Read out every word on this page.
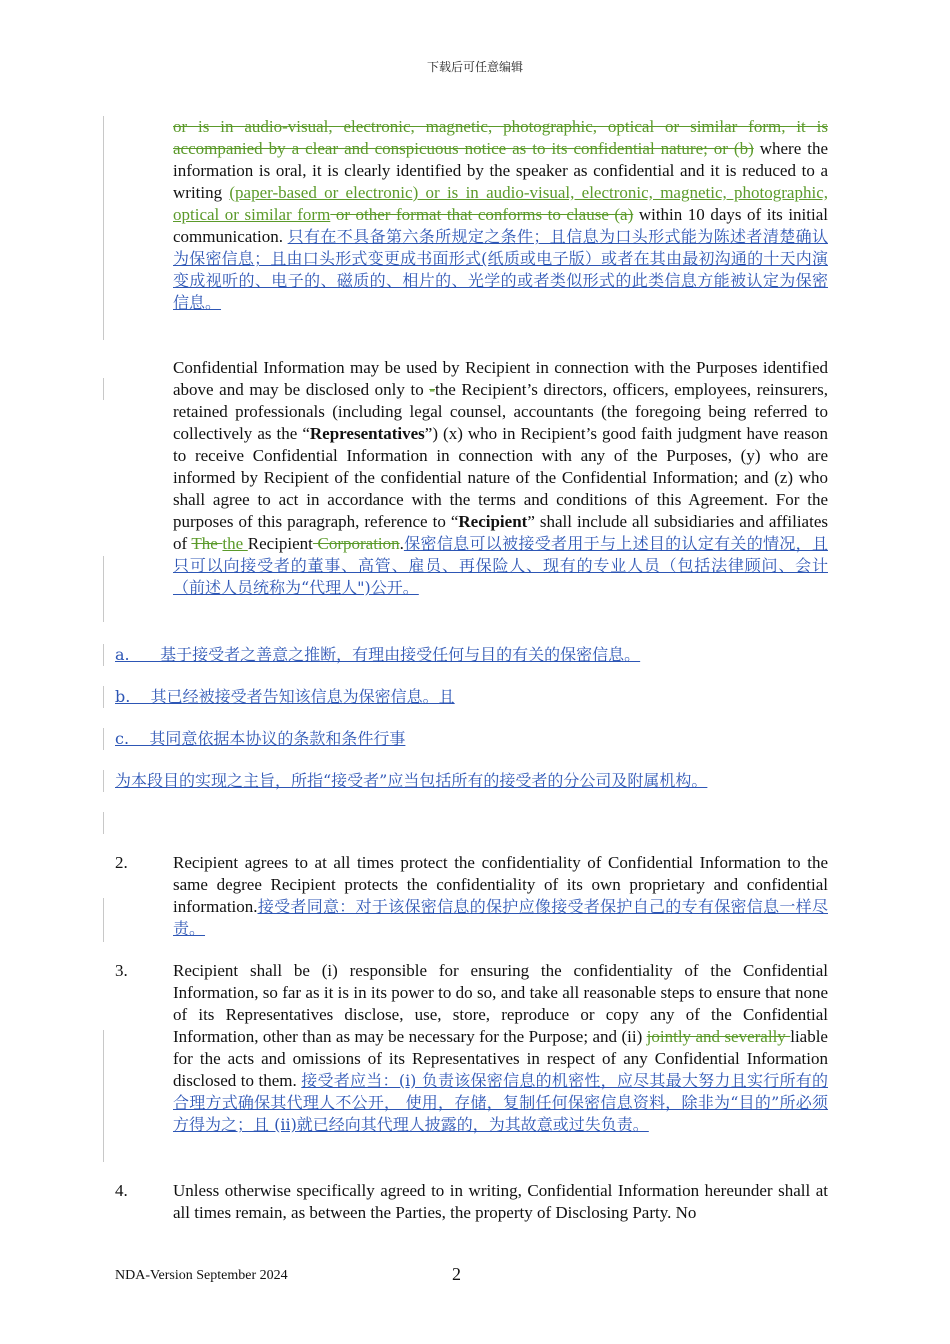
下载后可任意编辑

or is in audio-visual, electronic, magnetic, photographic, optical or similar form, it is accompanied by a clear and conspicuous notice as to its confidential nature; or (b) where the information is oral, it is clearly identified by the speaker as confidential and it is reduced to a writing (paper-based or electronic) or is in audio-visual, electronic, magnetic, photographic, optical or similar form or other format that conforms to clause (a) within 10 days of its initial communication. 只有在不具备第六条所规定之条件；且信息为口头形式能为陈述者清楚确认为保密信息；且由口头形式变更成书面形式(纸质或电子版）或者在其由最初沟通的十天内演变成视听的、电子的、磁质的、相片的、光学的或者类似形式的此类信息方能被认定为保密信息。

Confidential Information may be used by Recipient in connection with the Purposes identified above and may be disclosed only to -the Recipient’s directors, officers, employees, reinsurers, retained professionals (including legal counsel, accountants (the foregoing being referred to collectively as the “Representatives”) (x) who in Recipient’s good faith judgment have reason to receive Confidential Information in connection with any of the Purposes, (y) who are informed by Recipient of the confidential nature of the Confidential Information; and (z) who shall agree to act in accordance with the terms and conditions of this Agreement. For the purposes of this paragraph, reference to “Recipient” shall include all subsidiaries and affiliates of The the Recipient Corporation.保密信息可以被接受者用于与上述目的认定有关的情况，且只可以向接受者的董事、高管、雇员、再保险人、现有的专业人员（包括法律顾问、会计（前述人员统称为“代理人")公开。

a.      基于接受者之善意之推断，有理由接受任何与目的有关的保密信息。
b.    其已经被接受者告知该信息为保密信息。且
c.    其同意依据本协议的条款和条件行事
为本段目的实现之主旨，所指“接受者”应当包括所有的接受者的分公司及附属机构。
2.	Recipient agrees to at all times protect the confidentiality of Confidential Information to the same degree Recipient protects the confidentiality of its own proprietary and confidential information.接受者同意：对于该保密信息的保护应像接受者保护自己的专有保密信息一样尽责。

3.	Recipient shall be (i) responsible for ensuring the confidentiality of the Confidential Information, so far as it is in its power to do so, and take all reasonable steps to ensure that none of its Representatives disclose, use, store, reproduce or copy any of the Confidential Information, other than as may be necessary for the Purpose; and (ii) jointly and severally liable for the acts and omissions of its Representatives in respect of any Confidential Information disclosed to them. 接受者应当：(i) 负责该保密信息的机密性，应尽其最大努力且实行所有的合理方式确保其代理人不公开， 使用，存储，复制任何保密信息资料，除非为“目的”所必须方得为之；且 (ii)就已经向其代理人披露的，为其故意或过失负责。

4.	Unless otherwise specifically agreed to in writing, Confidential Information hereunder shall at all times remain, as between the Parties, the property of Disclosing Party. No

NDA-Version September 2024	2
